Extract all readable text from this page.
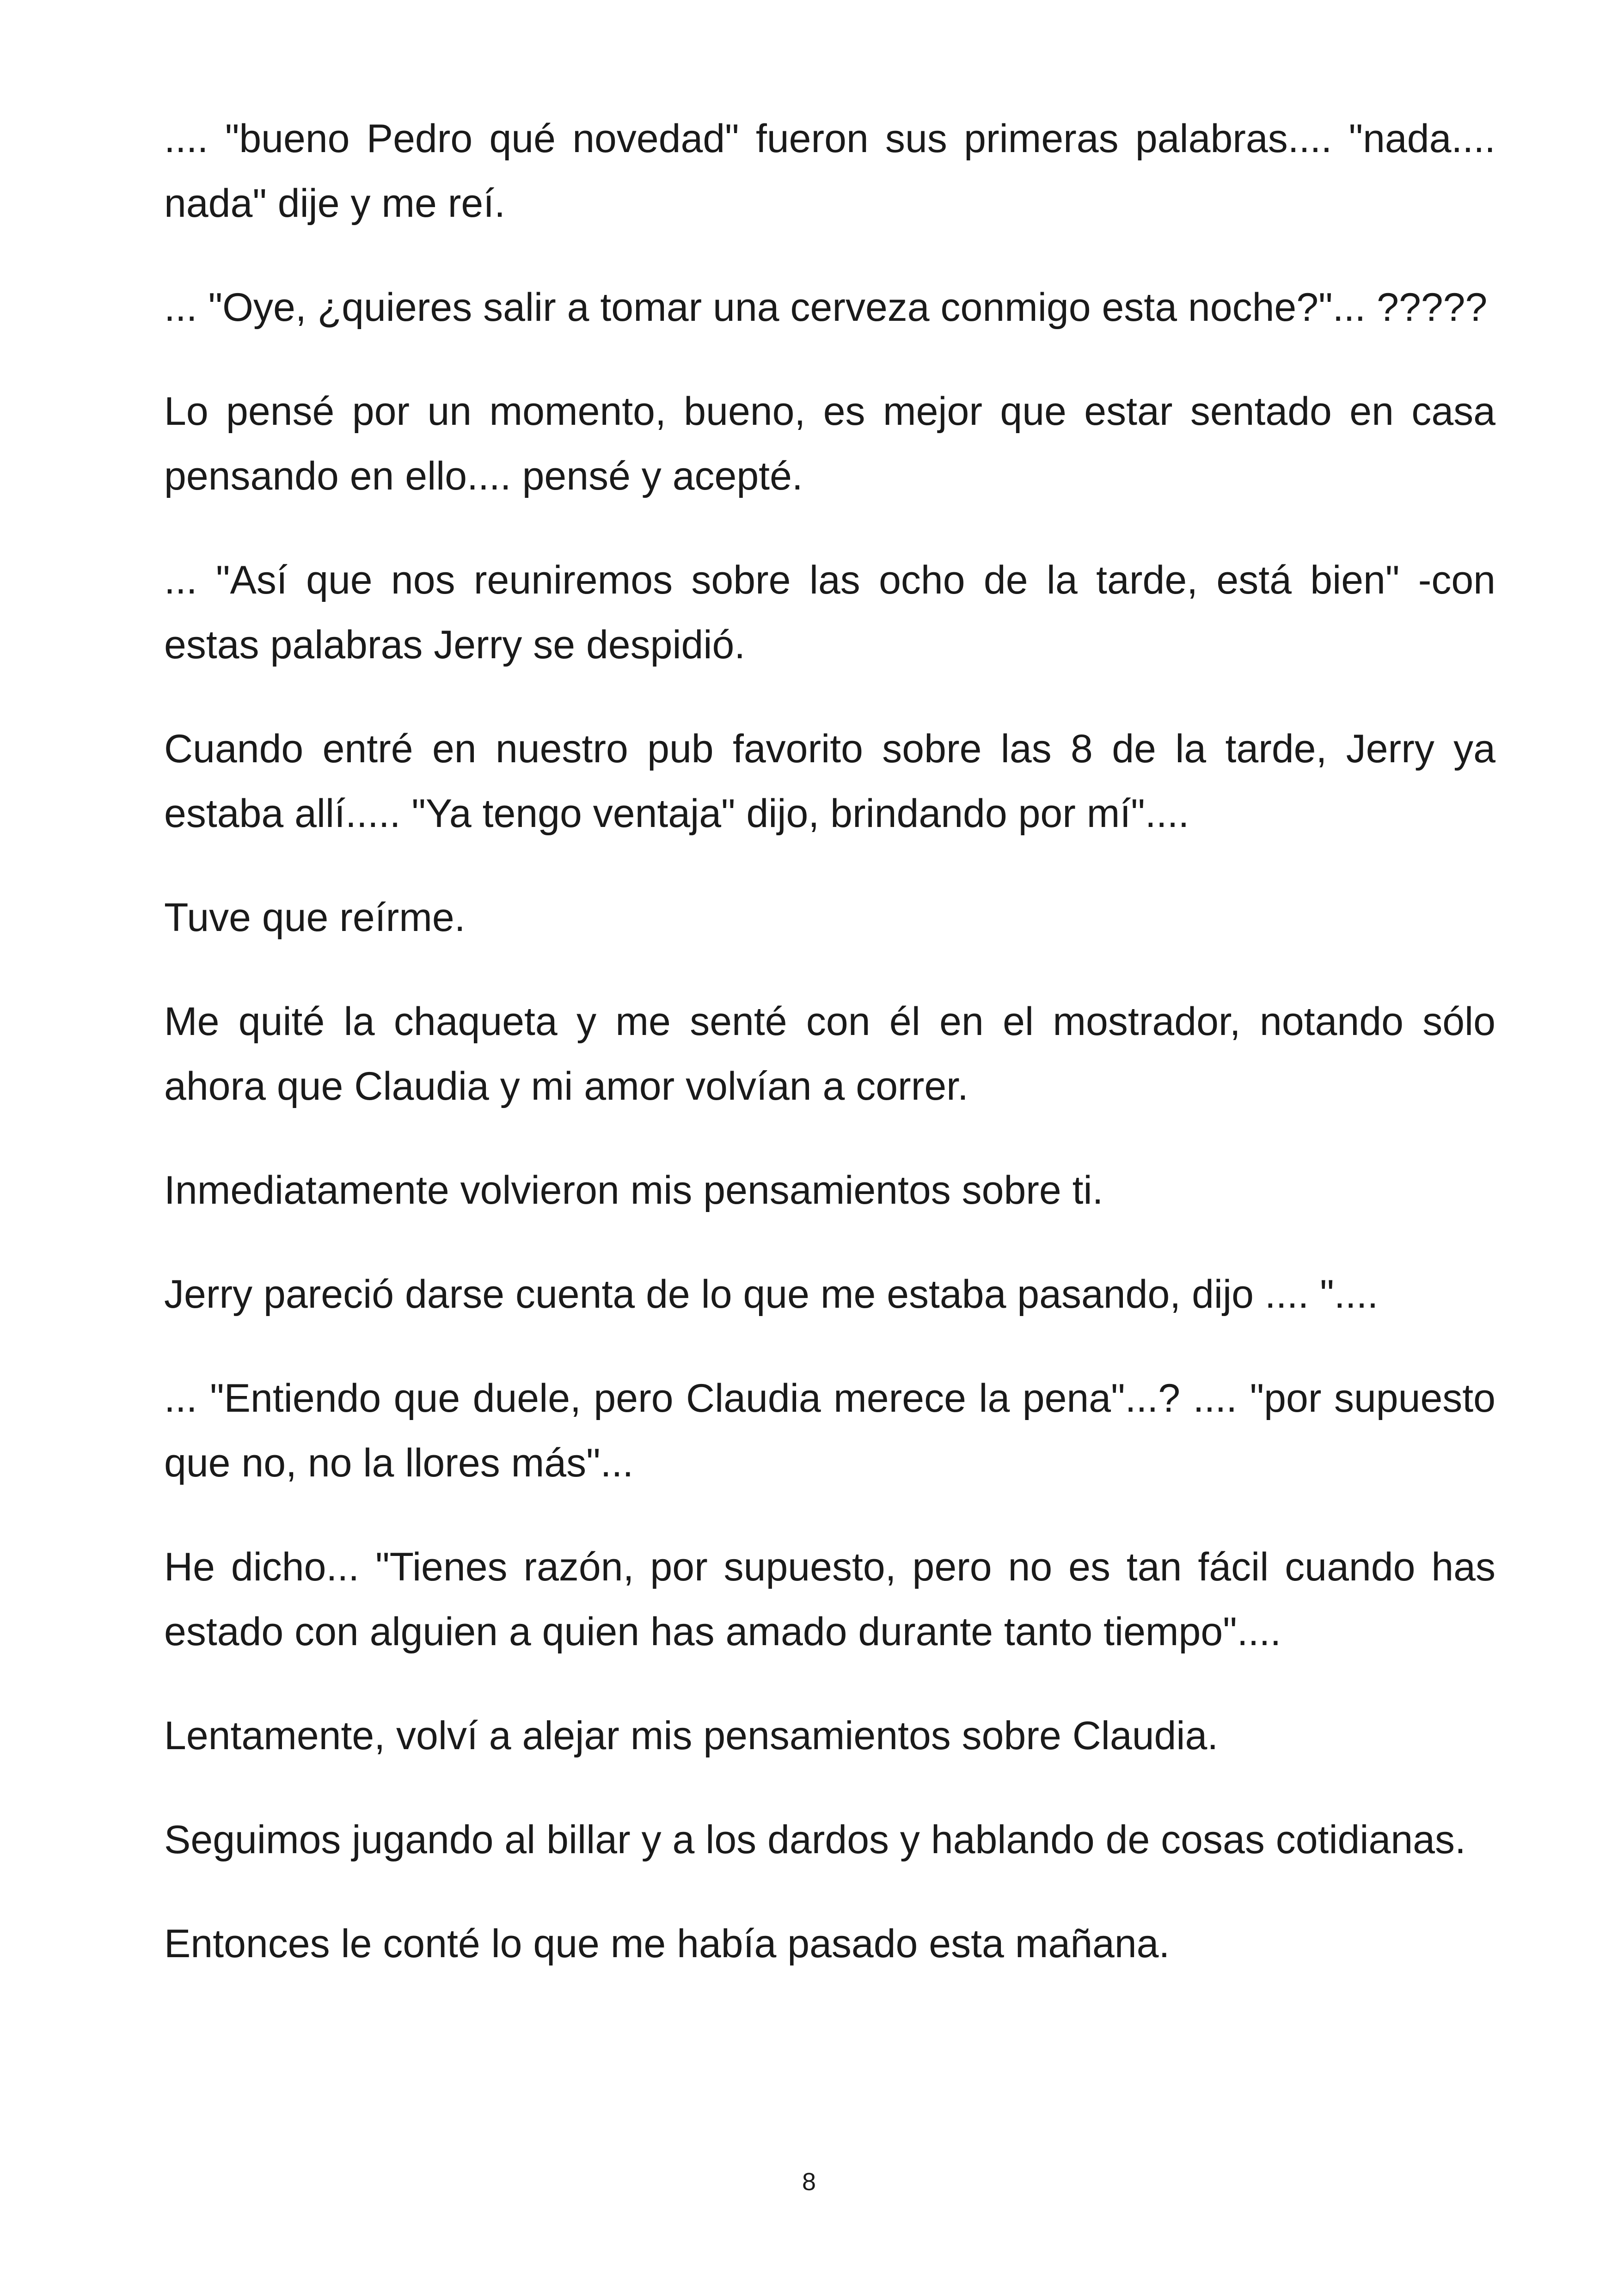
.... "bueno Pedro qué novedad" fueron sus primeras palabras.... "nada.... nada" dije y me reí.

... "Oye, ¿quieres salir a tomar una cerveza conmigo esta noche?"... ?????

Lo pensé por un momento, bueno, es mejor que estar sentado en casa pensando en ello.... pensé y acepté.

... "Así que nos reuniremos sobre las ocho de la tarde, está bien" -con estas palabras Jerry se despidió.

Cuando entré en nuestro pub favorito sobre las 8 de la tarde, Jerry ya estaba allí..... "Ya tengo ventaja" dijo, brindando por mí"....

Tuve que reírme.

Me quité la chaqueta y me senté con él en el mostrador, notando sólo ahora que Claudia y mi amor volvían a correr.

Inmediatamente volvieron mis pensamientos sobre ti.

Jerry pareció darse cuenta de lo que me estaba pasando, dijo .... "....

... "Entiendo que duele, pero Claudia merece la pena"...? .... "por supuesto que no, no la llores más"...

He dicho... "Tienes razón, por supuesto, pero no es tan fácil cuando has estado con alguien a quien has amado durante tanto tiempo"....

Lentamente, volví a alejar mis pensamientos sobre Claudia.

Seguimos jugando al billar y a los dardos y hablando de cosas cotidianas.

Entonces le conté lo que me había pasado esta mañana.

8
